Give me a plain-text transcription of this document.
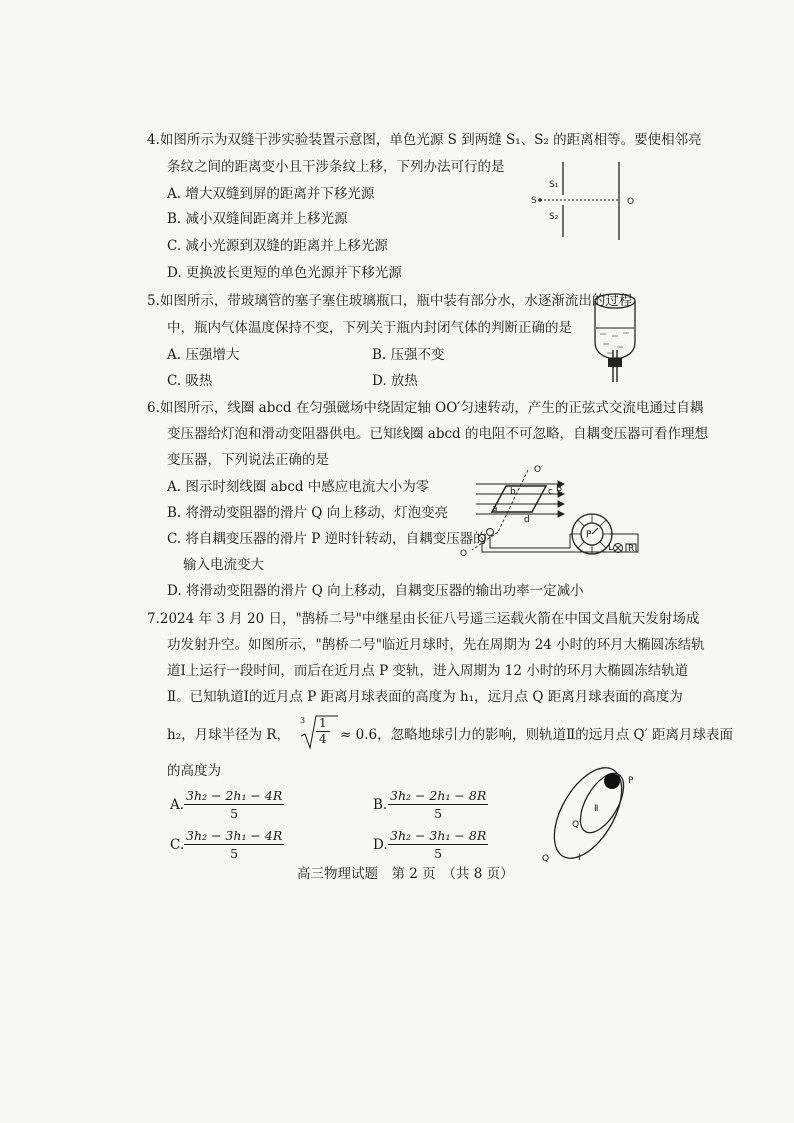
4.如图所示为双缝干涉实验装置示意图，单色光源 S 到两缝 S₁、S₂ 的距离相等。要使相邻亮
条纹之间的距离变小且干涉条纹上移，下列办法可行的是
A. 增大双缝到屏的距离并下移光源
B. 减小双缝间距离并上移光源
C. 减小光源到双缝的距离并上移光源
D. 更换波长更短的单色光源并下移光源
S
S₁
S₂
O
5.如图所示，带玻璃管的塞子塞住玻璃瓶口，瓶中装有部分水，水逐渐流出的过程
中，瓶内气体温度保持不变，下列关于瓶内封闭气体的判断正确的是
A. 压强增大	B. 压强不变
C. 吸热	D. 放热
6.如图所示，线圈 abcd 在匀强磁场中绕固定轴 OO′匀速转动，产生的正弦式交流电通过自耦
变压器给灯泡和滑动变阻器供电。已知线圈 abcd 的电阻不可忽略，自耦变压器可看作理想
变压器，下列说法正确的是
A. 图示时刻线圈 abcd 中感应电流大小为零
B. 将滑动变阻器的滑片 Q 向上移动，灯泡变亮
C. 将自耦变压器的滑片 P 逆时针转动，自耦变压器的
输入电流变大
D. 将滑动变阻器的滑片 Q 向上移动，自耦变压器的输出功率一定减小
O′
O
a
b	c
d
B
P
L R
7.2024 年 3 月 20 日，"鹊桥二号"中继星由长征八号遥三运载火箭在中国文昌航天发射场成
功发射升空。如图所示，"鹊桥二号"临近月球时，先在周期为 24 小时的环月大椭圆冻结轨
道Ⅰ上运行一段时间，而后在近月点 P 变轨，进入周期为 12 小时的环月大椭圆冻结轨道
Ⅱ。已知轨道Ⅰ的近月点 P 距离月球表面的高度为 h₁，远月点 Q 距离月球表面的高度为
h₂，月球半径为 R，
3 1
4 ≈ 0.6，忽略地球引力的影响，则轨道Ⅱ的远月点 Q′ 距离月球表面
的高度为
A. $\frac{\text{3h₂ − 2h₁ − 4R}}{5}$	B. $\frac{\text{3h₂ − 2h₁ − 8R}}{5}$
C. $\frac{\text{3h₂ − 3h₁ − 4R}}{5}$	D. $\frac{\text{3h₂ − 3h₁ − 8R}}{5}$
P
Q
Q′
Ⅱ
Ⅰ
高三物理试题　第 2 页　（共 8 页）
